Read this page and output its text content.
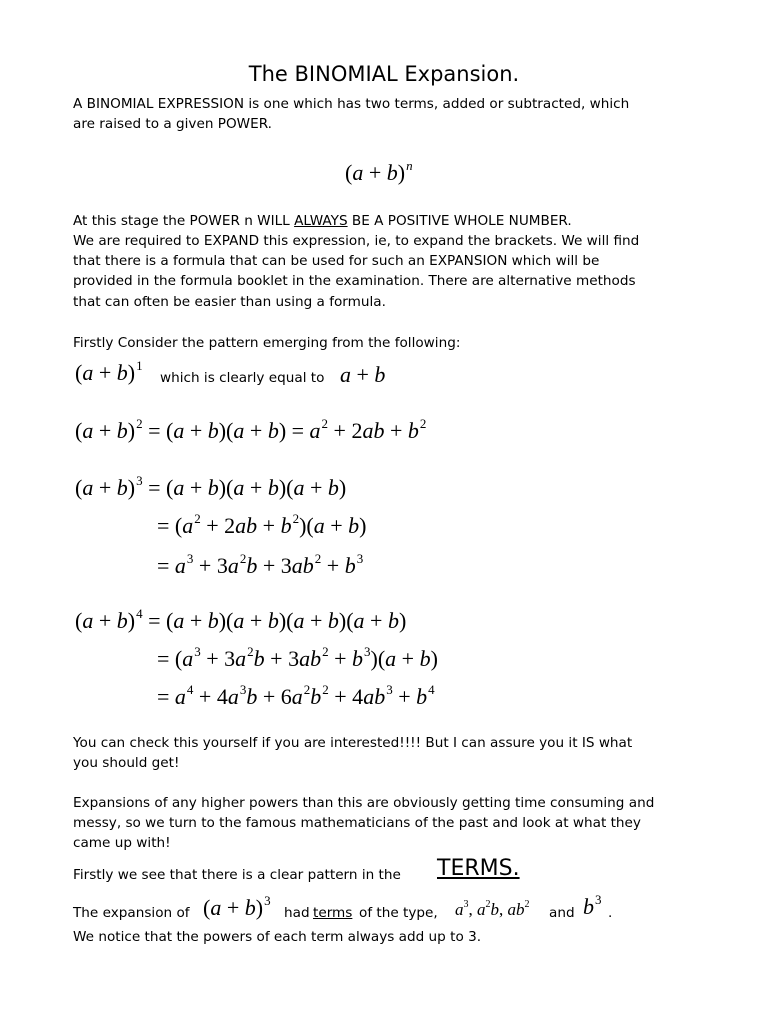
The BINOMIAL Expansion.
A BINOMIAL EXPRESSION is one which has two terms, added or subtracted, which
are raised to a given POWER.
$(a + b)^n$
At this stage the POWER n WILL ALWAYS BE A POSITIVE WHOLE NUMBER.
We are required to EXPAND this expression, ie, to expand the brackets. We will find
that there is a formula that can be used for such an EXPANSION which will be
provided in the formula booklet in the examination. There are alternative methods
that can often be easier than using a formula.
Firstly Consider the pattern emerging from the following:
$(a + b)^1$
which is clearly equal to a + b
$(a + b)^2 = (a + b)(a + b) = a^2 + 2ab + b^2$
$(a + b)^3 = (a + b)(a + b)(a + b)$
= $(a^2 + 2ab + b^2)(a + b)$
= $a^3 + 3a^2b + 3ab^2 + b^3$
$(a + b)^4 = (a + b)(a + b)(a + b)(a + b)$
= $(a^3 + 3a^2b + 3ab^2 + b^3)(a + b)$
= $a^4 + 4a^3b + 6a^2b^2 + 4ab^3 + b^4$
You can check this yourself if you are interested!!!! But I can assure you it IS what
you should get!
Expansions of any higher powers than this are obviously getting time consuming and
messy, so we turn to the famous mathematicians of the past and look at what they
came up with!
Firstly we see that there is a clear pattern in the TERMS.
The expansion of $(a + b)^3$
had terms of the type, $a^3$, $a^2b$, $ab^2$
and $b^3$
.
We notice that the powers of each term always add up to 3.
